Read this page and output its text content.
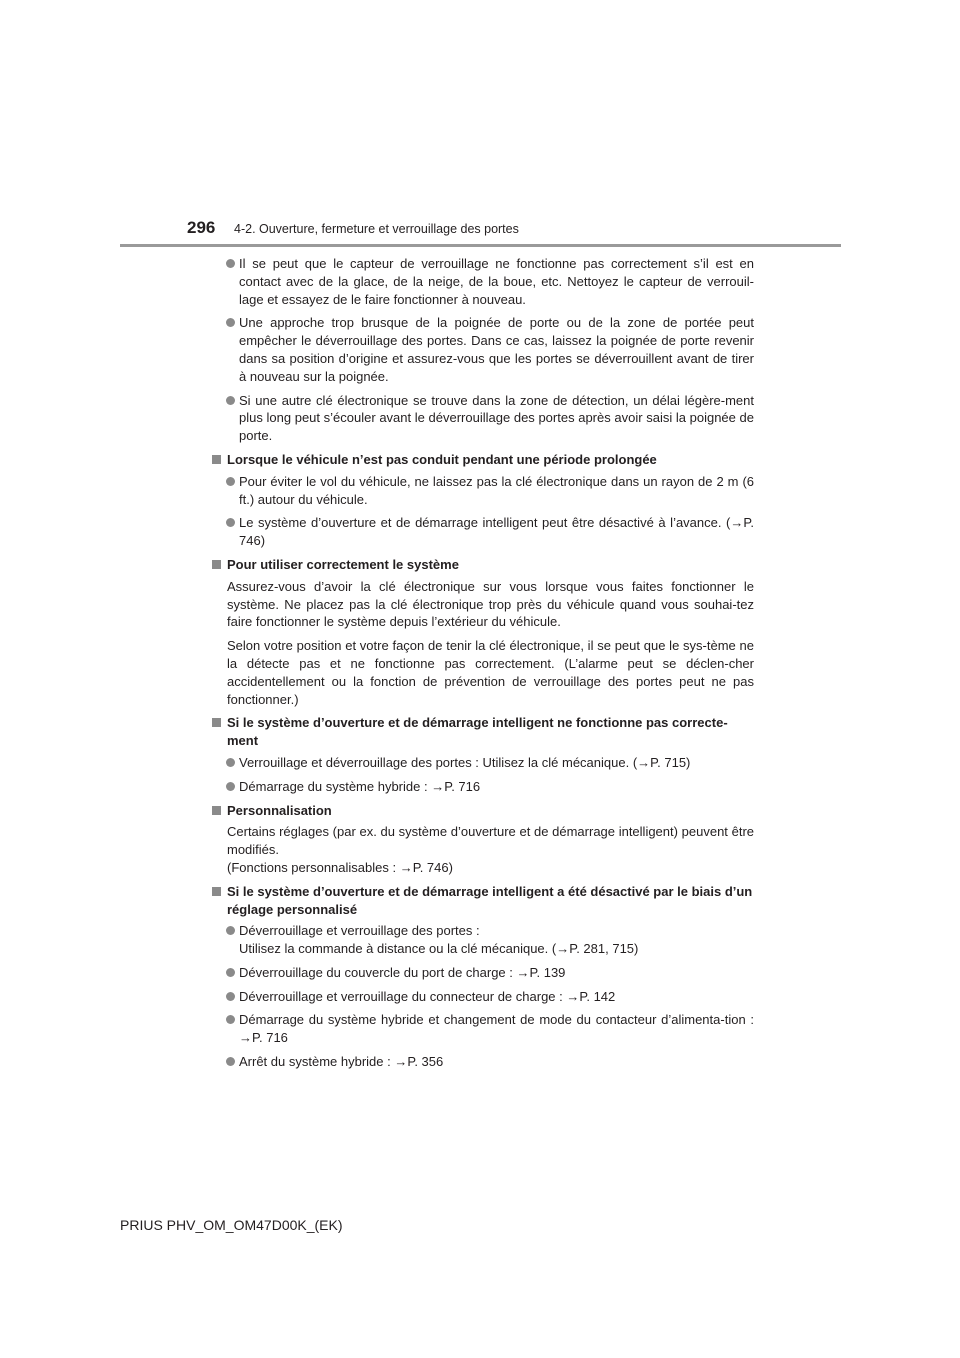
296 4-2. Ouverture, fermeture et verrouillage des portes
Il se peut que le capteur de verrouillage ne fonctionne pas correctement s’il est en contact avec de la glace, de la neige, de la boue, etc. Nettoyez le capteur de verrouil-lage et essayez de le faire fonctionner à nouveau.
Une approche trop brusque de la poignée de porte ou de la zone de portée peut empêcher le déverrouillage des portes. Dans ce cas, laissez la poignée de porte revenir dans sa position d’origine et assurez-vous que les portes se déverrouillent avant de tirer à nouveau sur la poignée.
Si une autre clé électronique se trouve dans la zone de détection, un délai légère-ment plus long peut s’écouler avant le déverrouillage des portes après avoir saisi la poignée de porte.
Lorsque le véhicule n’est pas conduit pendant une période prolongée
Pour éviter le vol du véhicule, ne laissez pas la clé électronique dans un rayon de 2 m (6 ft.) autour du véhicule.
Le système d’ouverture et de démarrage intelligent peut être désactivé à l’avance. (→P. 746)
Pour utiliser correctement le système
Assurez-vous d’avoir la clé électronique sur vous lorsque vous faites fonctionner le système. Ne placez pas la clé électronique trop près du véhicule quand vous souhai-tez faire fonctionner le système depuis l’extérieur du véhicule.
Selon votre position et votre façon de tenir la clé électronique, il se peut que le sys-tème ne la détecte pas et ne fonctionne pas correctement. (L’alarme peut se déclen-cher accidentellement ou la fonction de prévention de verrouillage des portes peut ne pas fonctionner.)
Si le système d’ouverture et de démarrage intelligent ne fonctionne pas correcte-ment
Verrouillage et déverrouillage des portes : Utilisez la clé mécanique. (→P. 715)
Démarrage du système hybride : →P. 716
Personnalisation
Certains réglages (par ex. du système d’ouverture et de démarrage intelligent) peuvent être modifiés.
(Fonctions personnalisables : →P. 746)
Si le système d’ouverture et de démarrage intelligent a été désactivé par le biais d’un réglage personnalisé
Déverrouillage et verrouillage des portes :
Utilisez la commande à distance ou la clé mécanique. (→P. 281, 715)
Déverrouillage du couvercle du port de charge : →P. 139
Déverrouillage et verrouillage du connecteur de charge : →P. 142
Démarrage du système hybride et changement de mode du contacteur d’alimenta-tion : →P. 716
Arrêt du système hybride : →P. 356
PRIUS PHV_OM_OM47D00K_(EK)
